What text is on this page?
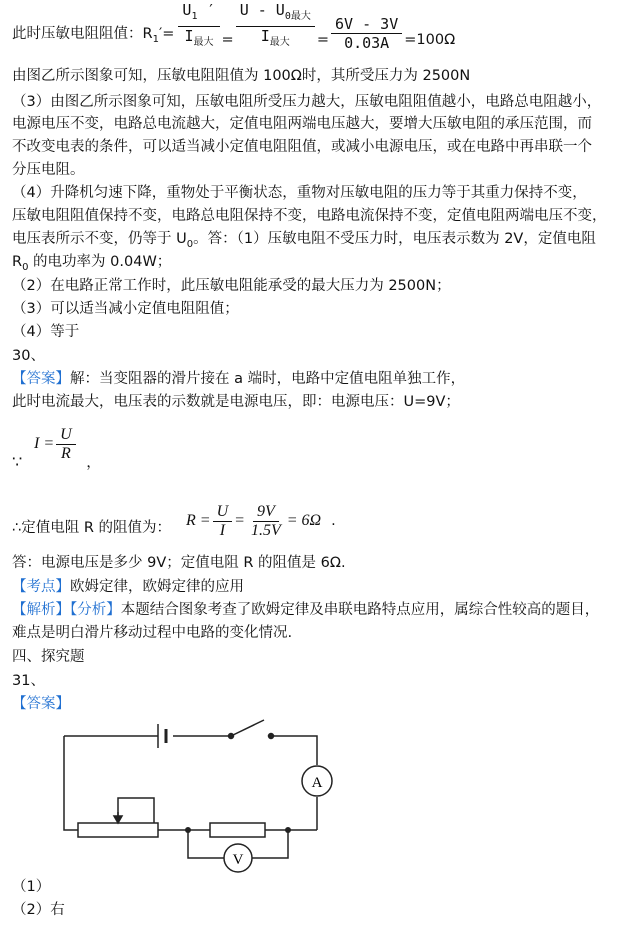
此时压敏电阻阻值：$R_1'= \frac{U_1 '}{I_{最大}} = \frac{U - U_{0最大}}{I_{最大}} = \frac{6V - 3V}{0.03A} =100\Omega$
由图乙所示图象可知，压敏电阻阻值为 100Ω时，其所受压力为 2500N
（3）由图乙所示图象可知，压敏电阻所受压力越大，压敏电阻阻值越小，电路总电阻越小，
电源电压不变，电路总电流越大，定值电阻两端电压越大，要增大压敏电阻的承压范围，而
不改变电表的条件，可以适当减小定值电阻阻值，或减小电源电压，或在电路中再串联一个
分压电阻。
（4）升降机匀速下降，重物处于平衡状态，重物对压敏电阻的压力等于其重力保持不变，
压敏电阻阻值保持不变，电路总电阻保持不变，电路电流保持不变，定值电阻两端电压不变，
电压表所示不变，仍等于 $U_0$。答：（1）压敏电阻不受压力时，电压表示数为 2V，定值电阻
$R_0$ 的电功率为 0.04W；
（2）在电路正常工作时，此压敏电阻能承受的最大压力为 2500N；
（3）可以适当减小定值电阻阻值；
（4）等于
30、
【答案】解：当变阻器的滑片接在 a 端时，电路中定值电阻单独工作，
此时电流最大，电压表的示数就是电源电压，即：电源电压：U=9V；
$I = \frac{U}{R}$
∵	，
∴定值电阻 R 的阻值为： $R = \frac{U}{I} = \frac{9V}{1.5V} = 6\Omega$ .
答：电源电压是多少 9V；定值电阻 R 的阻值是 6Ω.
【考点】欧姆定律，欧姆定律的应用
【解析】【分析】本题结合图象考查了欧姆定律及串联电路特点应用，属综合性较高的题目，
难点是明白滑片移动过程中电路的变化情况.
四、探究题
31、
【答案】
A
V
（1）
（2）右
